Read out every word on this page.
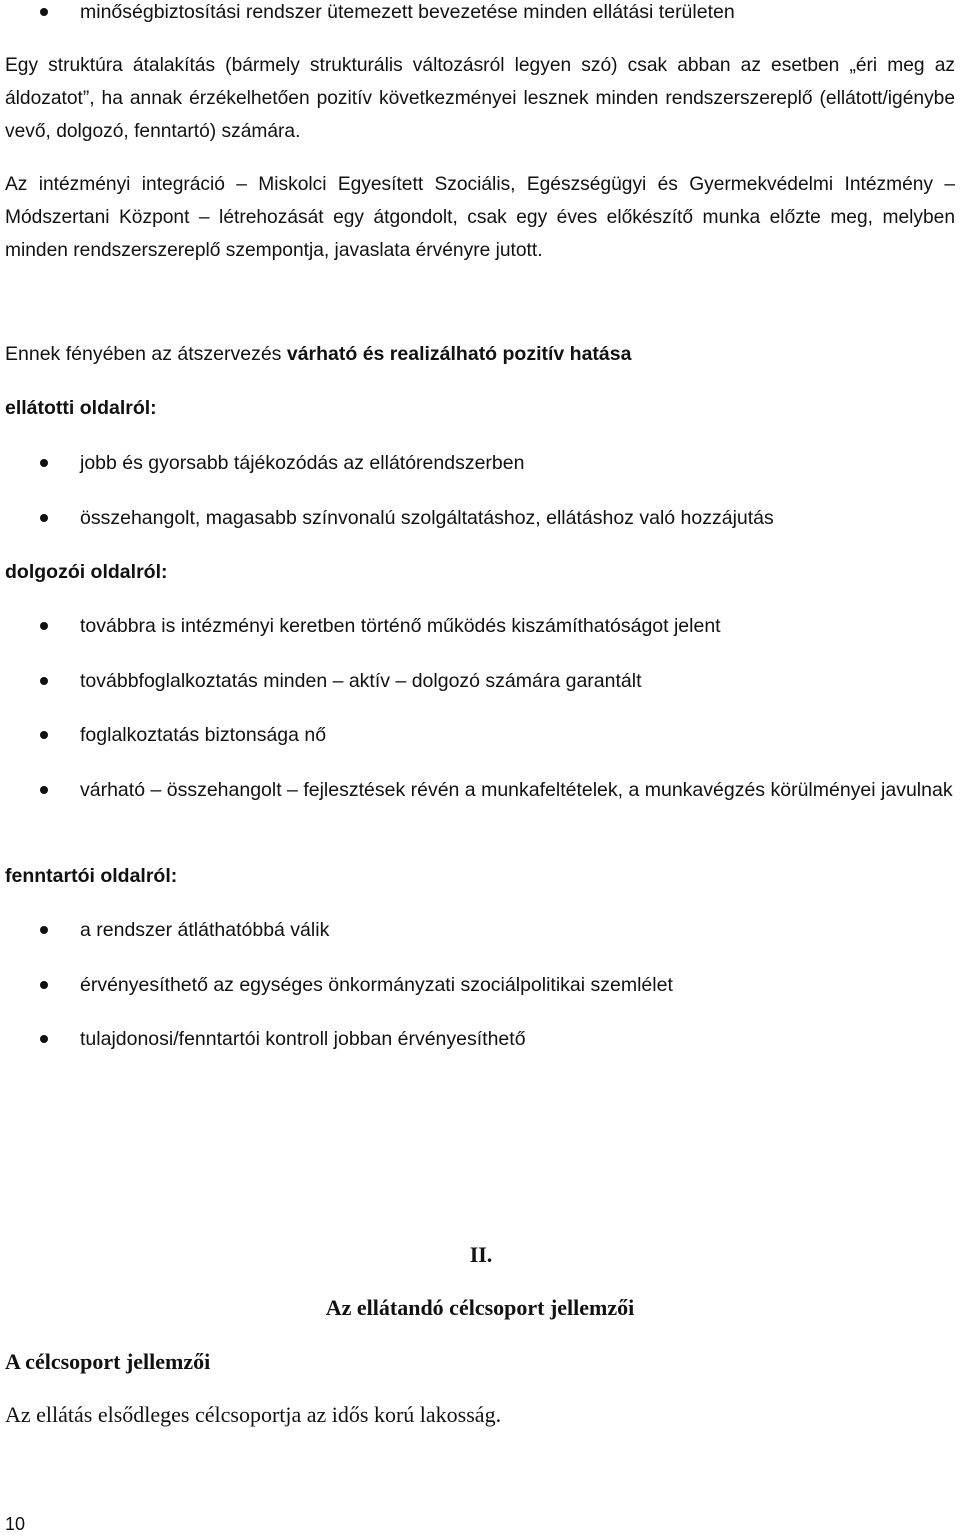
minőségbiztosítási rendszer ütemezett bevezetése minden ellátási területen

Egy struktúra átalakítás (bármely strukturális változásról legyen szó) csak abban az esetben „éri meg az áldozatot”, ha annak érzékelhetően pozitív következményei lesznek minden rendszerszereplő (ellátott/igénybe vevő, dolgozó, fenntartó) számára.

Az intézményi integráció – Miskolci Egyesített Szociális, Egészségügyi és Gyermekvédelmi Intézmény – Módszertani Központ – létrehozását egy átgondolt, csak egy éves előkészítő munka előzte meg, melyben minden rendszerszereplő szempontja, javaslata érvényre jutott.

Ennek fényében az átszervezés várható és realizálható pozitív hatása
ellátotti oldalról:
jobb és gyorsabb tájékozódás az ellátórendszerben
összehangolt, magasabb színvonalú szolgáltatáshoz, ellátáshoz való hozzájutás
dolgozói oldalról:
továbbra is intézményi keretben történő működés kiszámíthatóságot jelent
továbbfoglalkoztatás minden – aktív – dolgozó számára garantált
foglalkoztatás biztonsága nő
várható – összehangolt – fejlesztések révén a munkafeltételek, a munkavégzés körülményei javulnak
fenntartói oldalról:
a rendszer átláthatóbbá válik
érvényesíthető az egységes önkormányzati szociálpolitikai szemlélet
tulajdonosi/fenntartói kontroll jobban érvényesíthető
II.
Az ellátandó célcsoport jellemzői
A célcsoport jellemzői
Az ellátás elsődleges célcsoportja az idős korú lakosság.
10
